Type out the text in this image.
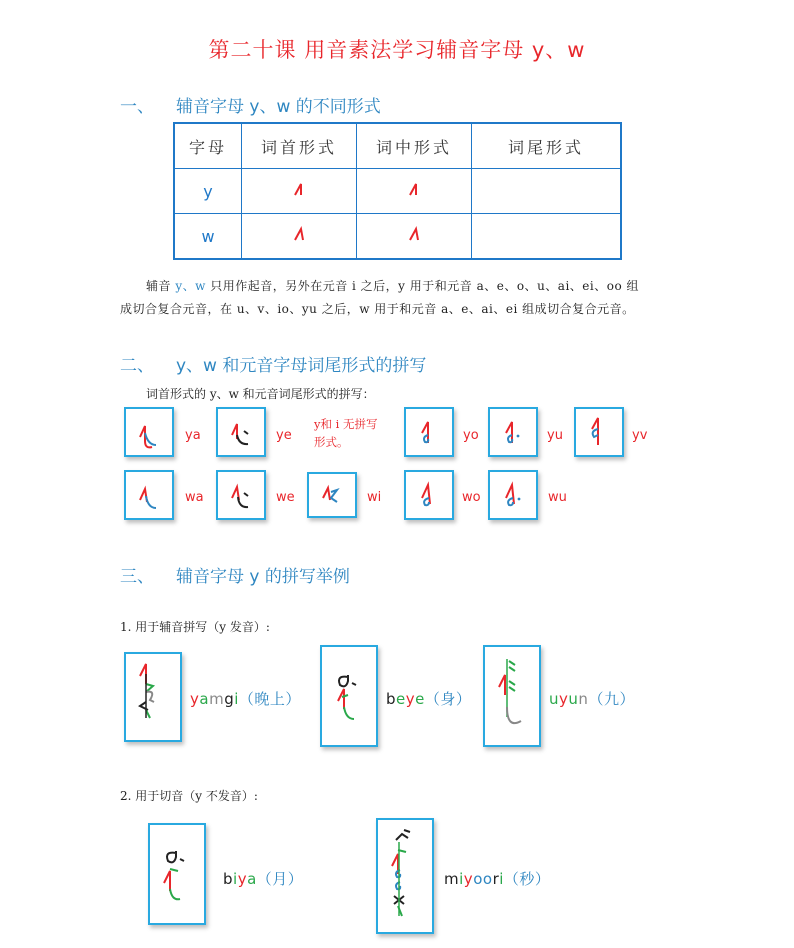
第二十课 用音素法学习辅音字母 y、w
一、 辅音字母 y、w 的不同形式
字母	词首形式	词中形式	词尾形式
y			
w			
辅音 y、w 只用作起音，另外在元音 i 之后，y 用于和元音 a、e、o、u、ai、ei、oo 组
成切合复合元音，在 u、v、io、yu 之后，w 用于和元音 a、e、ai、ei 组成切合复合元音。
二、 y、w 和元音字母词尾形式的拼写
词首形式的 y、w 和元音词尾形式的拼写：
ya	ye
y和 i 无拼写
形式。	yo	yu	yv
wa	we	wi	wo	wu
三、 辅音字母 y 的拼写举例
1. 用于辅音拼写（y 发音）:
yamgi（晚上）	beye（身）	uyun（九）
2. 用于切音（y 不发音）:
biya（月）	miyoori（秒）
